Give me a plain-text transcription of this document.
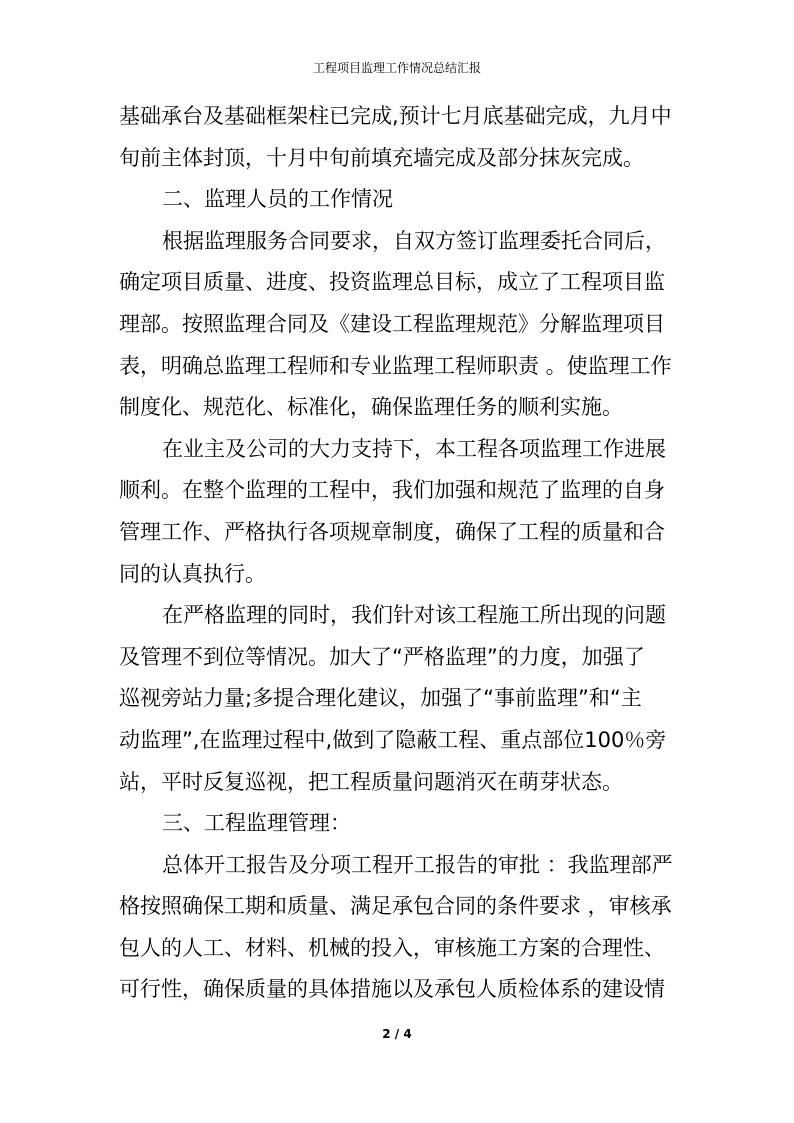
工程项目监理工作情况总结汇报
基础承台及基础框架柱已完成,预计七月底基础完成，九月中
旬前主体封顶，十月中旬前填充墙完成及部分抹灰完成。
二、监理人员的工作情况
根据监理服务合同要求，自双方签订监理委托合同后，
确定项目质量、进度、投资监理总目标，成立了工程项目监
理部。按照监理合同及《建设工程监理规范》分解监理项目
表，明确总监理工程师和专业监理工程师职责 。使监理工作
制度化、规范化、标准化，确保监理任务的顺利实施。
在业主及公司的大力支持下，本工程各项监理工作进展
顺利。在整个监理的工程中，我们加强和规范了监理的自身
管理工作、严格执行各项规章制度，确保了工程的质量和合
同的认真执行。
在严格监理的同时，我们针对该工程施工所出现的问题
及管理不到位等情况。加大了“严格监理”的力度，加强了
巡视旁站力量;多提合理化建议，加强了“事前监理”和“主
动监理”,在监理过程中,做到了隐蔽工程、重点部位100％旁
站，平时反复巡视，把工程质量问题消灭在萌芽状态。
三、工程监理管理：
总体开工报告及分项工程开工报告的审批 ：我监理部严
格按照确保工期和质量、满足承包合同的条件要求 ，审核承
包人的人工、材料、机械的投入，审核施工方案的合理性、
可行性，确保质量的具体措施以及承包人质检体系的建设情
2 / 4
